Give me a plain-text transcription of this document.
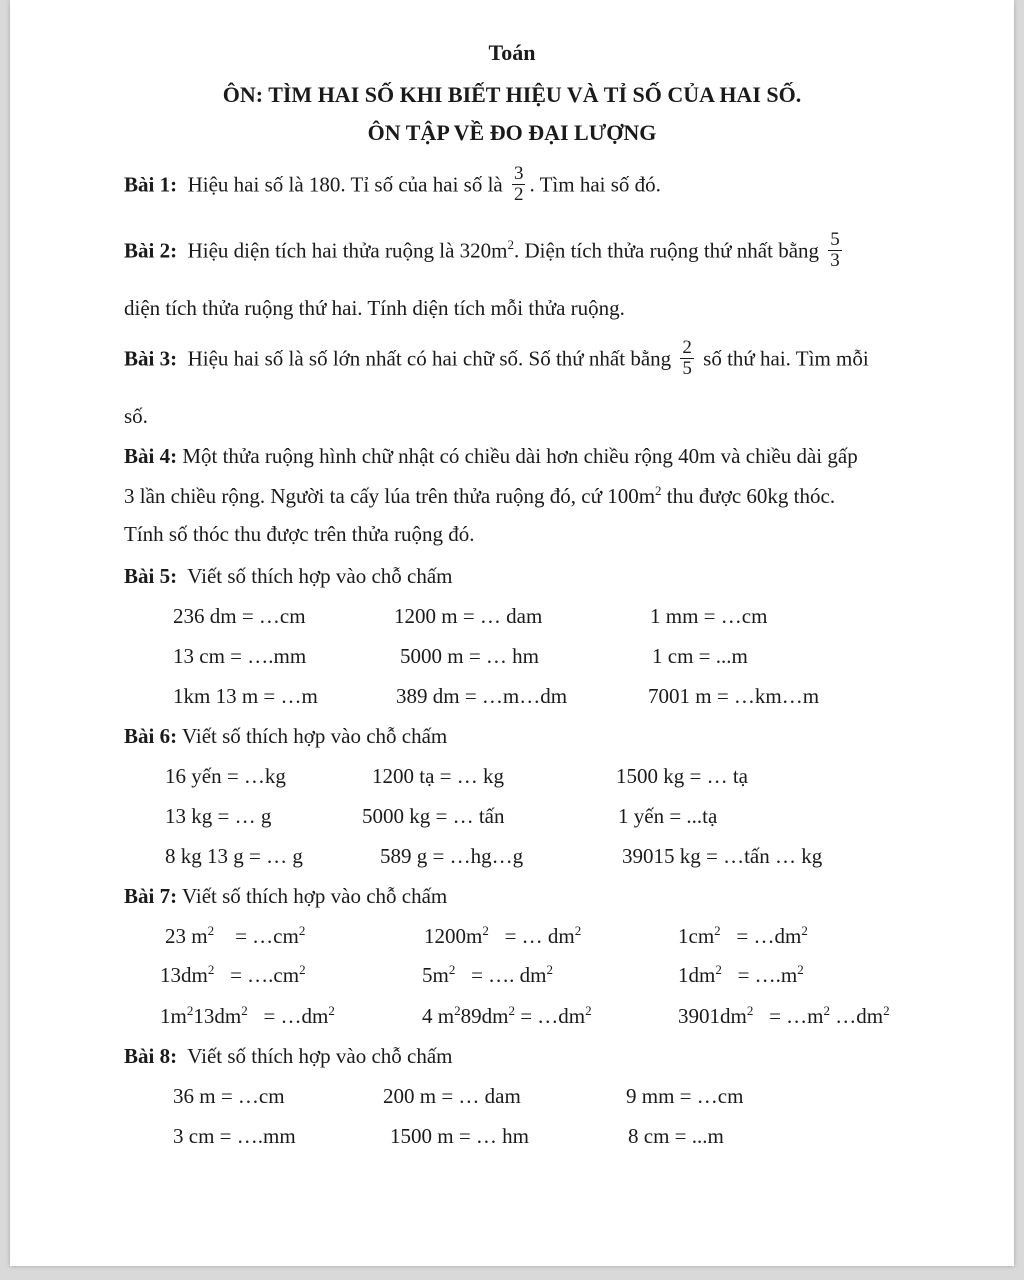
Toán
ÔN: TÌM HAI SỐ KHI BIẾT HIỆU VÀ TỈ SỐ CỦA HAI SỐ.
ÔN TẬP VỀ ĐO ĐẠI LƯỢNG
Bài 1: Hiệu hai số là 180. Tỉ số của hai số là $\frac{3}{2}$ . Tìm hai số đó.
Bài 2: Hiệu diện tích hai thửa ruộng là $320m^2$. Diện tích thửa ruộng thứ nhất bằng $\frac{5}{3}$
diện tích thửa ruộng thứ hai. Tính diện tích mỗi thửa ruộng.
Bài 3: Hiệu hai số là số lớn nhất có hai chữ số. Số thứ nhất bằng $\frac{2}{5}$ số thứ hai. Tìm mỗi
số.
Bài 4: Một thửa ruộng hình chữ nhật có chiều dài hơn chiều rộng 40m và chiều dài gấp
3 lần chiều rộng. Người ta cấy lúa trên thửa ruộng đó, cứ $100m^2$ thu được 60kg thóc.
Tính số thóc thu được trên thửa ruộng đó.
Bài 5: Viết số thích hợp vào chỗ chấm
236 dm = …cm	1200 m = … dam	1 mm = …cm
13 cm = ….mm	5000 m = … hm	1 cm = ...m
1km 13 m = …m	389 dm = …m…dm	7001 m = …km…m
Bài 6: Viết số thích hợp vào chỗ chấm
16 yến = …kg	1200 tạ = … kg	1500 kg = … tạ
13 kg = … g	5000 kg = … tấn	1 yến = ...tạ
8 kg 13 g = … g	589 g = …hg…g	39015 kg = …tấn … kg
Bài 7: Viết số thích hợp vào chỗ chấm
23 $m^2$    = $\dots cm^2$	$1200m^2$   = … $dm^2$	$1cm^2$   = $\dots dm^2$
$13dm^2$   = $\dots.cm^2$	$5m^2$   = …. $dm^2$	$1dm^2$   = $\dots.m^2$
$1m^213dm^2$   = $\dots dm^2$	4 $m^289dm^2$ = $\dots dm^2$	$3901dm^2$   = $\dots m^2$ $\dots dm^2$
Bài 8: Viết số thích hợp vào chỗ chấm
36 m = …cm	200 m = … dam	9 mm = …cm
3 cm = ….mm	1500 m = … hm	8 cm = ...m
